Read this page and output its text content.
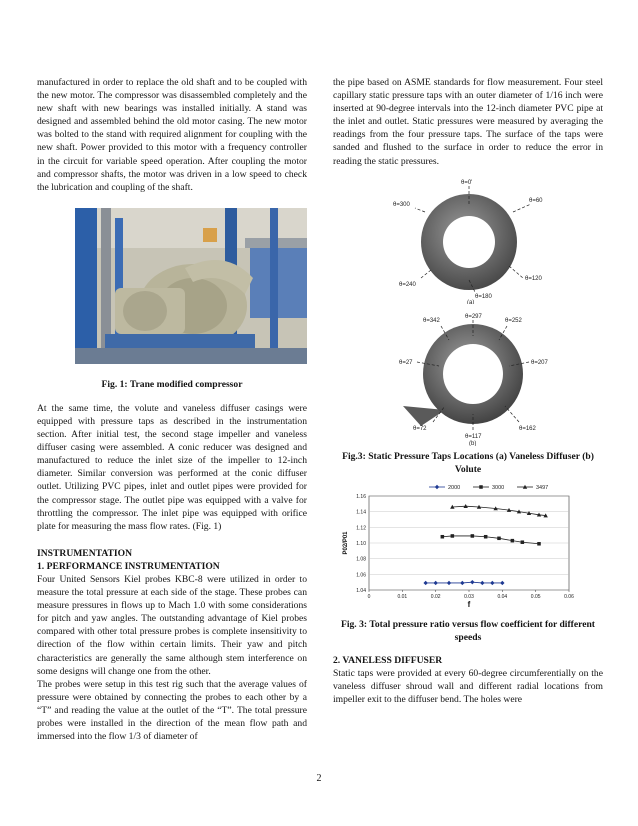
manufactured in order to replace the old shaft and to be coupled with the new motor. The compressor was disassembled completely and the new shaft with new bearings was installed initially. A stand was designed and assembled behind the old motor casing. The new motor was bolted to the stand with required alignment for coupling with the new shaft. Power provided to this motor with a frequency controller in the circuit for variable speed operation. After coupling the motor and compressor shafts, the motor was driven in a low speed to check the lubrication and coupling of the shaft.

Fig. 1: Trane modified compressor

At the same time, the volute and vaneless diffuser casings were equipped with pressure taps as described in the instrumentation section. After initial test, the second stage impeller and vaneless diffuser casing were assembled. A conic reducer was designed and manufactured to reduce the inlet size of the impeller to 12-inch diameter. Similar conversion was performed at the conic diffuser outlet. Utilizing PVC pipes, inlet and outlet pipes were provided for the compressor stage. The outlet pipe was equipped with a valve for throttling the compressor. The inlet pipe was equipped with orifice plate for measuring the mass flow rates. (Fig. 1)

INSTRUMENTATION

1. PERFORMANCE INSTRUMENTATION

Four United Sensors Kiel probes KBC-8 were utilized in order to measure the total pressure at each side of the stage. These probes can measure pressures in flows up to Mach 1.0 with some considerations for pitch and yaw angles. The outstanding advantage of Kiel probes compared with other total pressure probes is complete insensitivity to direction of the flow within certain limits. Their yaw and pitch characteristics are generally the same although stem interference on some designs will change one from the other.

The probes were setup in this test rig such that the average values of pressure were obtained by connecting the probes to each other by a “T” and reading the value at the outlet of the “T”. The total pressure probes were installed in the direction of the mean flow path and immersed into the flow 1/3 of diameter of

the pipe based on ASME standards for flow measurement. Four steel capillary static pressure taps with an outer diameter of 1/16 inch were inserted at 90-degree intervals into the 12-inch diameter PVC pipe at the inlet and outlet. Static pressures were measured by averaging the readings from the four pressure taps. The surface of the taps were sanded and flushed to the surface in order to reduce the error in reading the static pressures.

θ=0'
θ=60
θ=300
θ=120
θ=240
θ=180
(a)
θ=342
θ=297
θ=252
θ=27	θ=207
θ=72
θ=117
θ=162
(b)

Fig.3: Static Pressure Taps Locations (a) Vaneless Diffuser (b) Volute

1.04
1.06
1.08
1.10
1.12
1.14
1.16
0	0.01	0.02	0.03	0.04	0.05	0.06
f
P02/P01
2000	3000	3497

Fig. 3: Total pressure ratio versus flow coefficient for different speeds

2. VANELESS DIFFUSER

Static taps were provided at every 60-degree circumferentially on the vaneless diffuser shroud wall and different radial locations from impeller exit to the diffuser bend. The holes were

2
